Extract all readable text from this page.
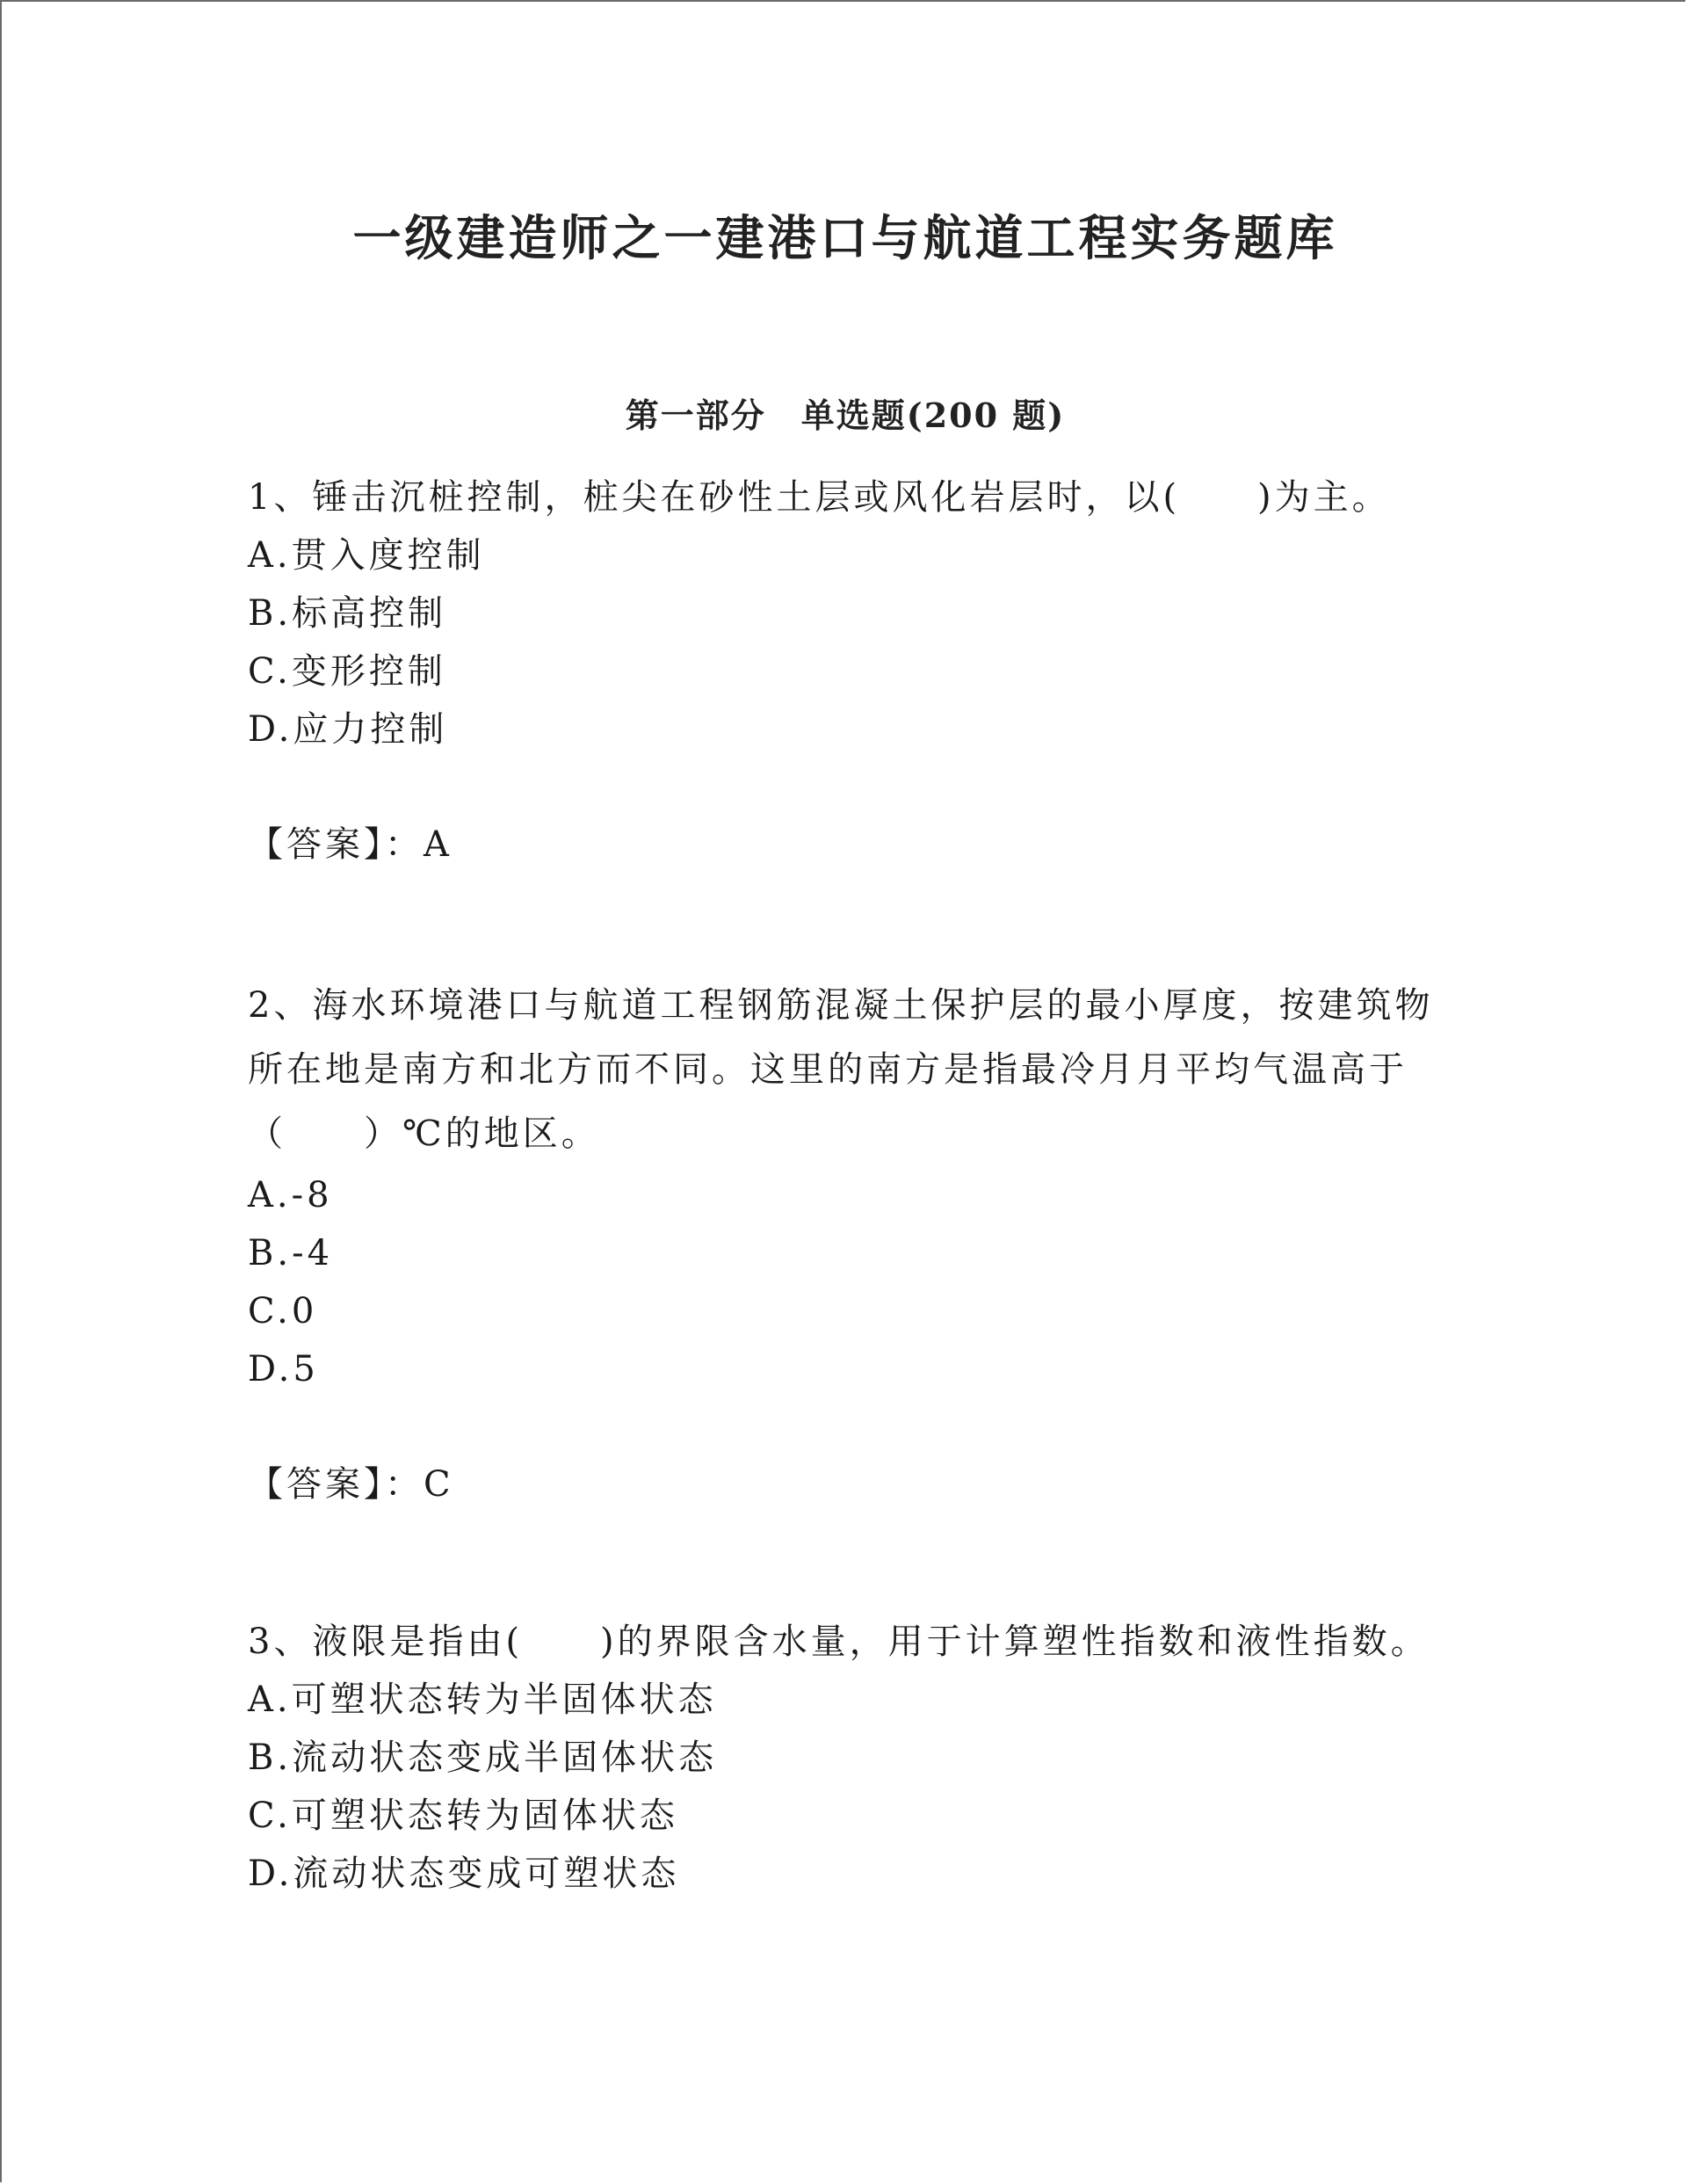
一级建造师之一建港口与航道工程实务题库
第一部分　单选题(200 题)

1、锤击沉桩控制，桩尖在砂性土层或风化岩层时，以(　　)为主。

A.贯入度控制

B.标高控制

C.变形控制

D.应力控制

【答案】：A

2、海水环境港口与航道工程钢筋混凝土保护层的最小厚度，按建筑物所在地是南方和北方而不同。这里的南方是指最冷月月平均气温高于（　　）℃的地区。

A.-8

B.-4

C.0

D.5

【答案】：C

3、液限是指由(　　)的界限含水量，用于计算塑性指数和液性指数。

A.可塑状态转为半固体状态

B.流动状态变成半固体状态

C.可塑状态转为固体状态

D.流动状态变成可塑状态
